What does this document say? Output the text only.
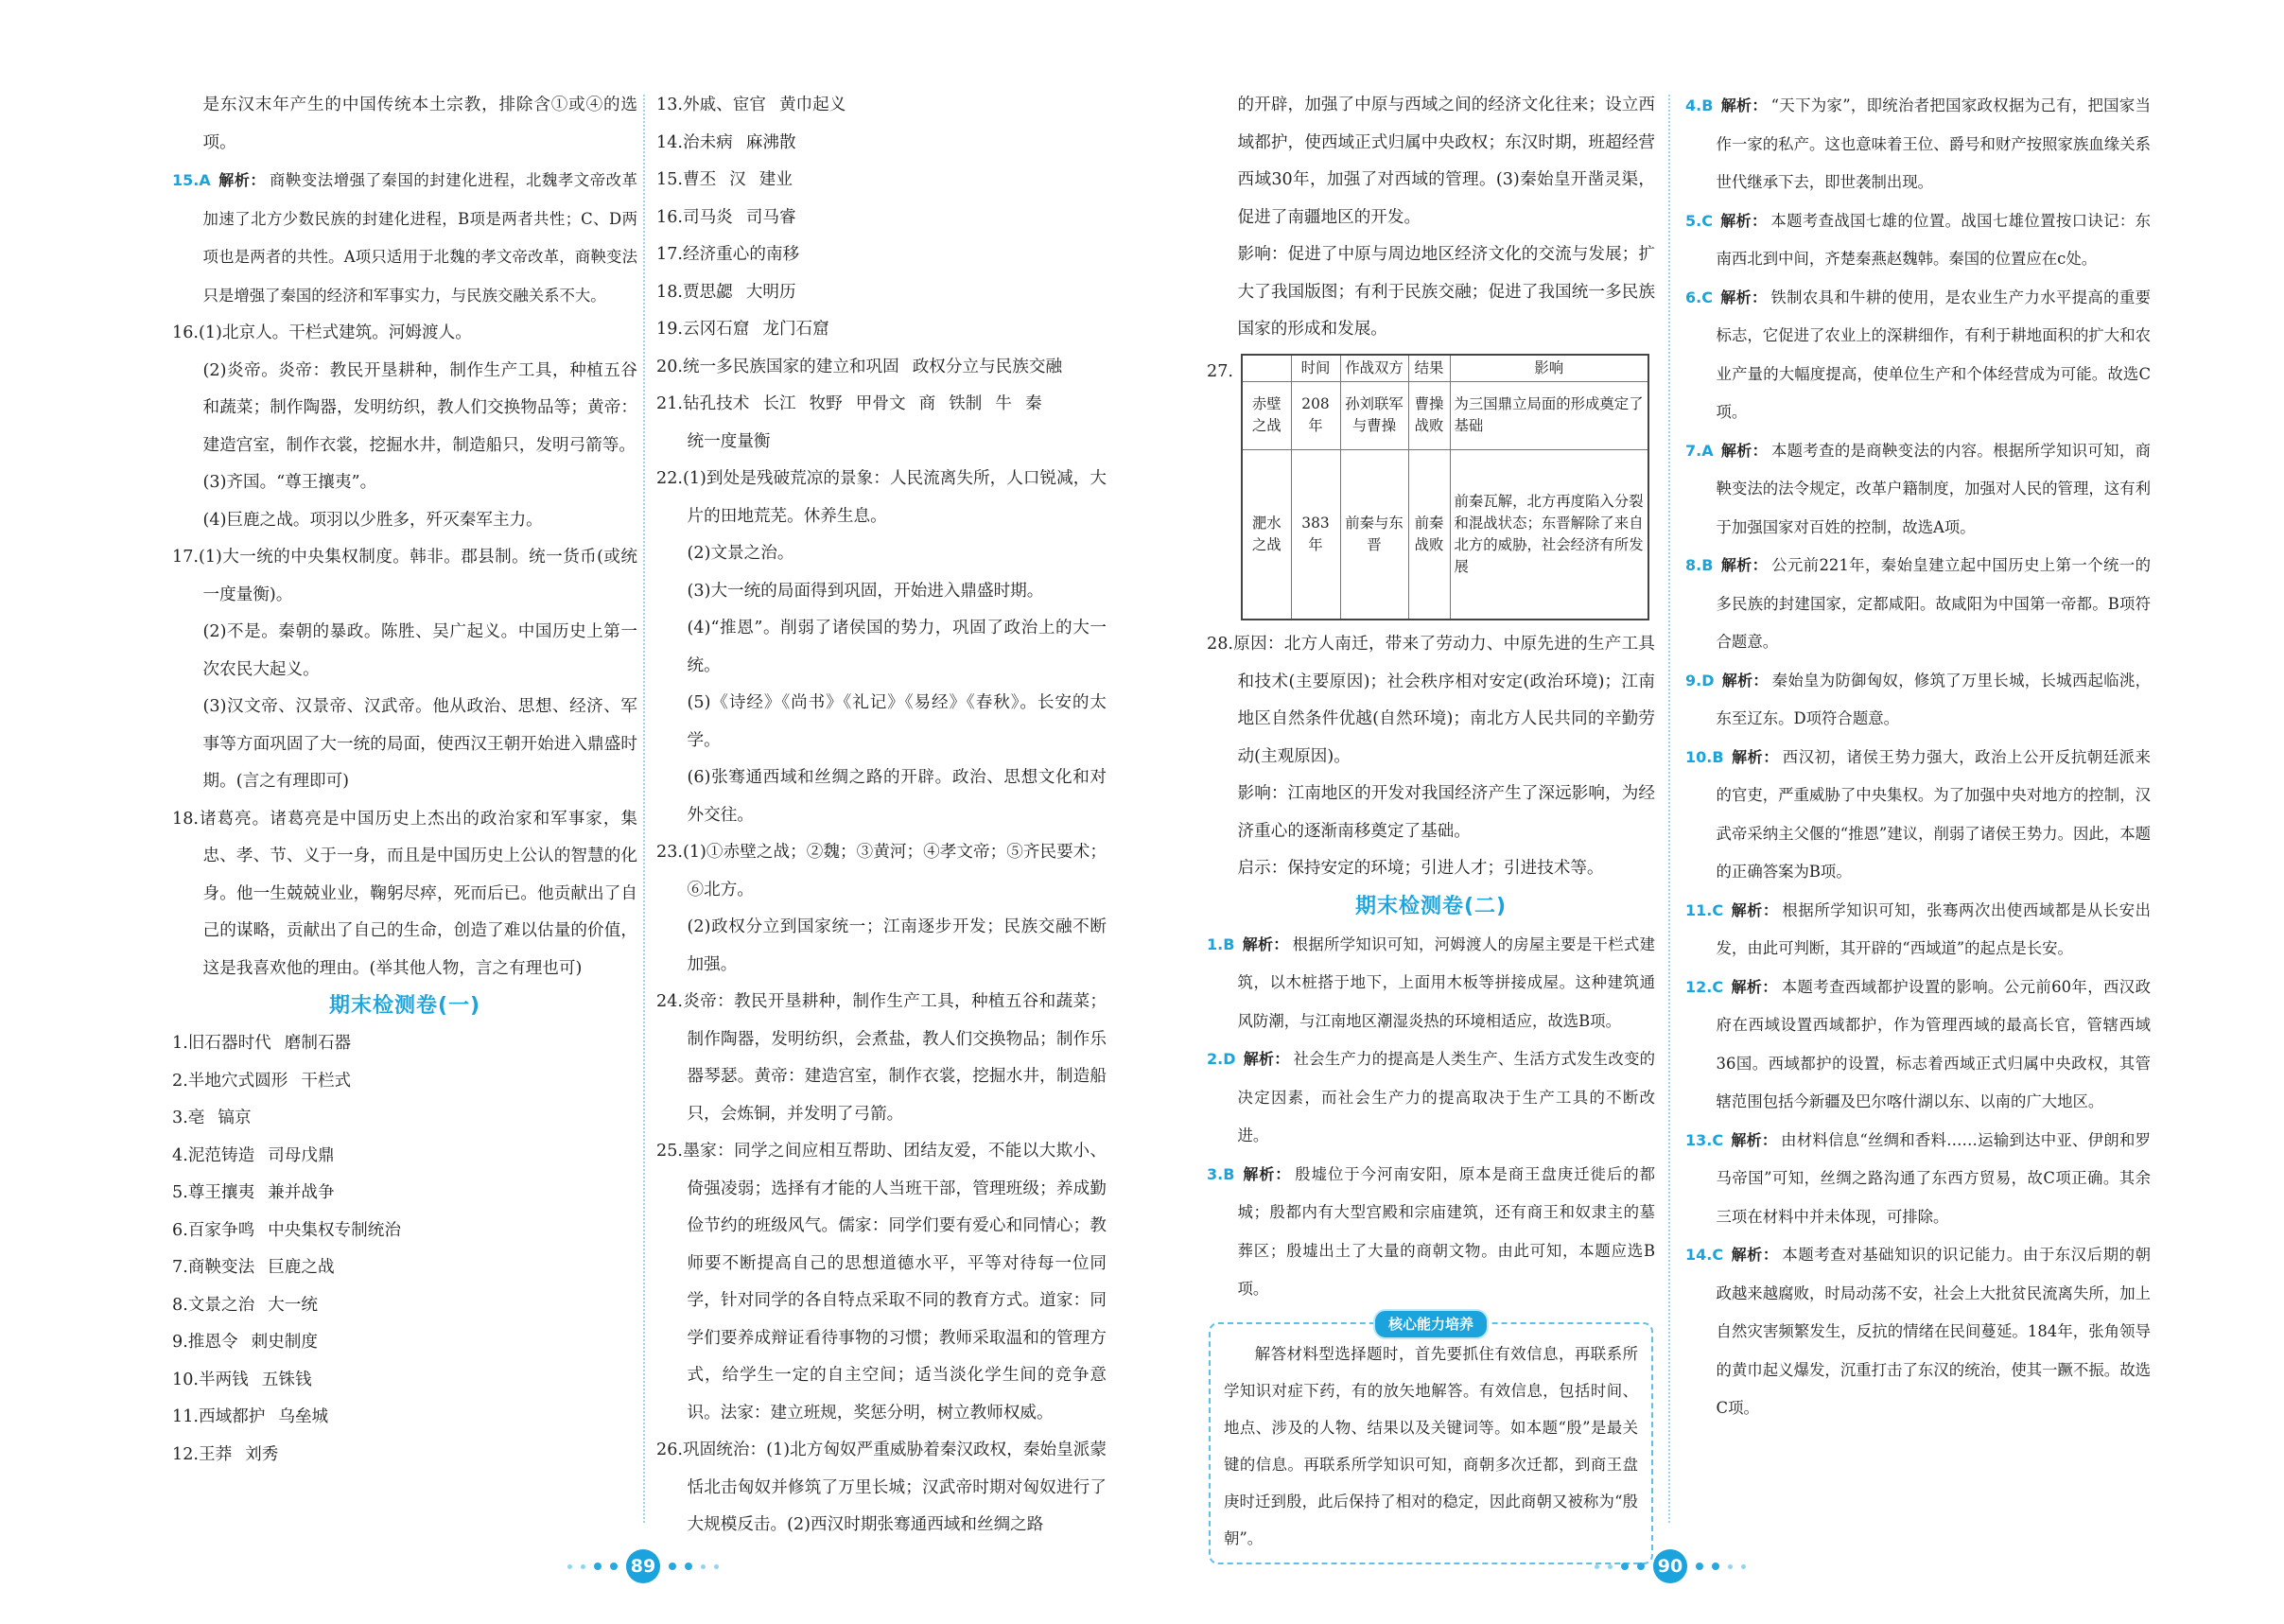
是东汉末年产生的中国传统本土宗教，排除含①或④的选项。
15.A 解析： 商鞅变法增强了秦国的封建化进程，北魏孝文帝改革加速了北方少数民族的封建化进程，B项是两者共性；C、D两项也是两者的共性。A项只适用于北魏的孝文帝改革，商鞅变法只是增强了秦国的经济和军事实力，与民族交融关系不大。
16.(1)北京人。干栏式建筑。河姆渡人。
(2)炎帝。炎帝：教民开垦耕种，制作生产工具，种植五谷和蔬菜；制作陶器，发明纺织，教人们交换物品等；黄帝：建造宫室，制作衣裳，挖掘水井，制造船只，发明弓箭等。
(3)齐国。“尊王攘夷”。
(4)巨鹿之战。项羽以少胜多，歼灭秦军主力。
17.(1)大一统的中央集权制度。韩非。郡县制。统一货币(或统一度量衡)。
(2)不是。秦朝的暴政。陈胜、吴广起义。中国历史上第一次农民大起义。
(3)汉文帝、汉景帝、汉武帝。他从政治、思想、经济、军事等方面巩固了大一统的局面，使西汉王朝开始进入鼎盛时期。(言之有理即可)
18.诸葛亮。诸葛亮是中国历史上杰出的政治家和军事家，集忠、孝、节、义于一身，而且是中国历史上公认的智慧的化身。他一生兢兢业业，鞠躬尽瘁，死而后已。他贡献出了自己的谋略，贡献出了自己的生命，创造了难以估量的价值，这是我喜欢他的理由。(举其他人物，言之有理也可)
期末检测卷(一)
1.旧石器时代 磨制石器
2.半地穴式圆形 干栏式
3.亳 镐京
4.泥范铸造 司母戊鼎
5.尊王攘夷 兼并战争
6.百家争鸣 中央集权专制统治
7.商鞅变法 巨鹿之战
8.文景之治 大一统
9.推恩令 刺史制度
10.半两钱 五铢钱
11.西域都护 乌垒城
12.王莽 刘秀
13.外戚、宦官 黄巾起义
14.治未病 麻沸散
15.曹丕 汉 建业
16.司马炎 司马睿
17.经济重心的南移
18.贾思勰 大明历
19.云冈石窟 龙门石窟
20.统一多民族国家的建立和巩固 政权分立与民族交融
21.钻孔技术 长江 牧野 甲骨文 商 铁制 牛 秦
统一度量衡
22.(1)到处是残破荒凉的景象：人民流离失所，人口锐减，大片的田地荒芜。休养生息。
(2)文景之治。
(3)大一统的局面得到巩固，开始进入鼎盛时期。
(4)“推恩”。削弱了诸侯国的势力，巩固了政治上的大一统。
(5)《诗经》《尚书》《礼记》《易经》《春秋》。长安的太学。
(6)张骞通西域和丝绸之路的开辟。政治、思想文化和对外交往。
23.(1)①赤壁之战；②魏；③黄河；④孝文帝；⑤齐民要术；⑥北方。
(2)政权分立到国家统一；江南逐步开发；民族交融不断加强。
24.炎帝：教民开垦耕种，制作生产工具，种植五谷和蔬菜；制作陶器，发明纺织，会煮盐，教人们交换物品；制作乐器琴瑟。黄帝：建造宫室，制作衣裳，挖掘水井，制造船只，会炼铜，并发明了弓箭。
25.墨家：同学之间应相互帮助、团结友爱，不能以大欺小、倚强凌弱；选择有才能的人当班干部，管理班级；养成勤俭节约的班级风气。儒家：同学们要有爱心和同情心；教师要不断提高自己的思想道德水平，平等对待每一位同学，针对同学的各自特点采取不同的教育方式。道家：同学们要养成辩证看待事物的习惯；教师采取温和的管理方式，给学生一定的自主空间；适当淡化学生间的竞争意识。法家：建立班规，奖惩分明，树立教师权威。
26.巩固统治：(1)北方匈奴严重威胁着秦汉政权，秦始皇派蒙恬北击匈奴并修筑了万里长城；汉武帝时期对匈奴进行了大规模反击。(2)西汉时期张骞通西域和丝绸之路
89
的开辟，加强了中原与西域之间的经济文化往来；设立西域都护，使西域正式归属中央政权；东汉时期，班超经营西域30年，加强了对西域的管理。(3)秦始皇开凿灵渠，促进了南疆地区的开发。
影响：促进了中原与周边地区经济文化的交流与发展；扩大了我国版图；有利于民族交融；促进了我国统一多民族国家的形成和发展。
27.
		时间	作战双方	结果	影响
赤壁之战	208年	孙刘联军与曹操	曹操战败	为三国鼎立局面的形成奠定了基础
淝水之战	383年	前秦与东晋	前秦战败	前秦瓦解，北方再度陷入分裂和混战状态；东晋解除了来自北方的威胁，社会经济有所发展
28.原因：北方人南迁，带来了劳动力、中原先进的生产工具和技术(主要原因)；社会秩序相对安定(政治环境)；江南地区自然条件优越(自然环境)；南北方人民共同的辛勤劳动(主观原因)。
影响：江南地区的开发对我国经济产生了深远影响，为经济重心的逐渐南移奠定了基础。
启示：保持安定的环境；引进人才；引进技术等。
期末检测卷(二)
1.B 解析： 根据所学知识可知，河姆渡人的房屋主要是干栏式建筑，以木桩搭于地下，上面用木板等拼接成屋。这种建筑通风防潮，与江南地区潮湿炎热的环境相适应，故选B项。
2.D 解析： 社会生产力的提高是人类生产、生活方式发生改变的决定因素，而社会生产力的提高取决于生产工具的不断改进。
3.B 解析： 殷墟位于今河南安阳，原本是商王盘庚迁徙后的都城；殷都内有大型宫殿和宗庙建筑，还有商王和奴隶主的墓葬区；殷墟出土了大量的商朝文物。由此可知，本题应选B项。
核心能力培养
解答材料型选择题时，首先要抓住有效信息，再联系所学知识对症下药，有的放矢地解答。有效信息，包括时间、地点、涉及的人物、结果以及关键词等。如本题“殷”是最关键的信息。再联系所学知识可知，商朝多次迁都，到商王盘庚时迁到殷，此后保持了相对的稳定，因此商朝又被称为“殷朝”。
4.B 解析： “天下为家”，即统治者把国家政权据为己有，把国家当作一家的私产。这也意味着王位、爵号和财产按照家族血缘关系世代继承下去，即世袭制出现。
5.C 解析： 本题考查战国七雄的位置。战国七雄位置按口诀记：东南西北到中间，齐楚秦燕赵魏韩。秦国的位置应在c处。
6.C 解析： 铁制农具和牛耕的使用，是农业生产力水平提高的重要标志，它促进了农业上的深耕细作，有利于耕地面积的扩大和农业产量的大幅度提高，使单位生产和个体经营成为可能。故选C项。
7.A 解析： 本题考查的是商鞅变法的内容。根据所学知识可知，商鞅变法的法令规定，改革户籍制度，加强对人民的管理，这有利于加强国家对百姓的控制，故选A项。
8.B 解析： 公元前221年，秦始皇建立起中国历史上第一个统一的多民族的封建国家，定都咸阳。故咸阳为中国第一帝都。B项符合题意。
9.D 解析： 秦始皇为防御匈奴，修筑了万里长城，长城西起临洮，东至辽东。D项符合题意。
10.B 解析： 西汉初，诸侯王势力强大，政治上公开反抗朝廷派来的官吏，严重威胁了中央集权。为了加强中央对地方的控制，汉武帝采纳主父偃的“推恩”建议，削弱了诸侯王势力。因此，本题的正确答案为B项。
11.C 解析： 根据所学知识可知，张骞两次出使西域都是从长安出发，由此可判断，其开辟的“西域道”的起点是长安。
12.C 解析： 本题考查西域都护设置的影响。公元前60年，西汉政府在西域设置西域都护，作为管理西域的最高长官，管辖西域36国。西域都护的设置，标志着西域正式归属中央政权，其管辖范围包括今新疆及巴尔喀什湖以东、以南的广大地区。
13.C 解析： 由材料信息“丝绸和香料……运输到达中亚、伊朗和罗马帝国”可知，丝绸之路沟通了东西方贸易，故C项正确。其余三项在材料中并未体现，可排除。
14.C 解析： 本题考查对基础知识的识记能力。由于东汉后期的朝政越来越腐败，时局动荡不安，社会上大批贫民流离失所，加上自然灾害频繁发生，反抗的情绪在民间蔓延。184年，张角领导的黄巾起义爆发，沉重打击了东汉的统治，使其一蹶不振。故选C项。
90
